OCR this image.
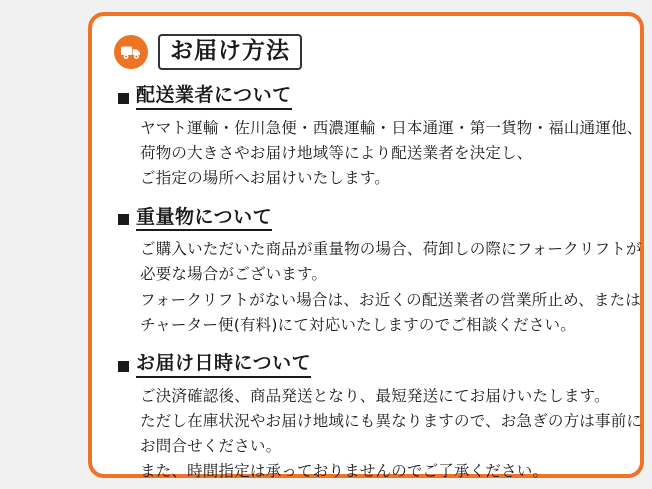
お届け方法
配送業者について
ヤマト運輸・佐川急便・西濃運輸・日本通運・第一貨物・福山通運他、
荷物の大きさやお届け地域等により配送業者を決定し、
ご指定の場所へお届けいたします。
重量物について
ご購入いただいた商品が重量物の場合、荷卸しの際にフォークリフトが
必要な場合がございます。
フォークリフトがない場合は、お近くの配送業者の営業所止め、または
チャーター便(有料)にて対応いたしますのでご相談ください。
お届け日時について
ご決済確認後、商品発送となり、最短発送にてお届けいたします。
ただし在庫状況やお届け地域にも異なりますので、お急ぎの方は事前に
お問合せください。
また、時間指定は承っておりませんのでご了承ください。
